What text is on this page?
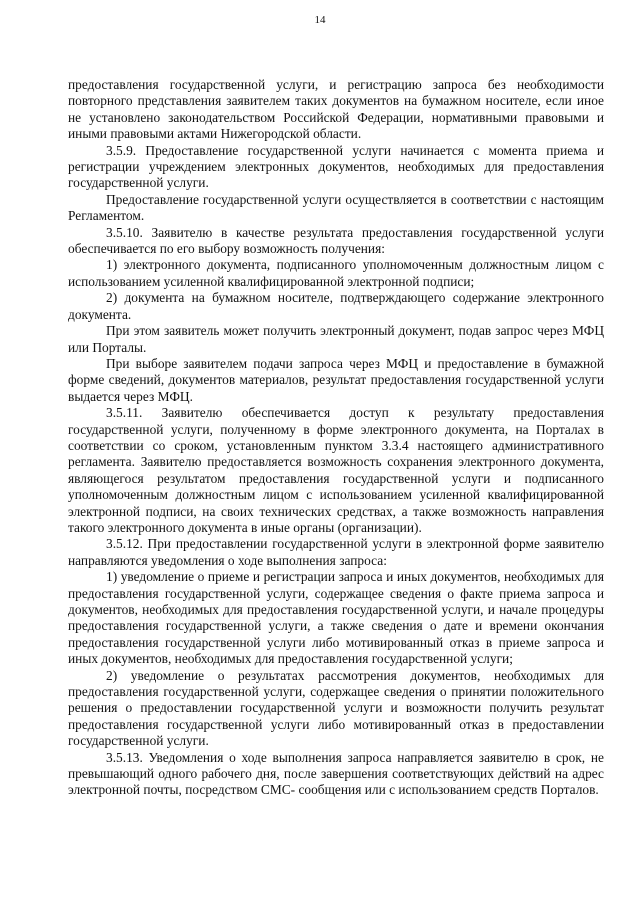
14

предоставления государственной услуги, и регистрацию запроса без необходимости повторного представления заявителем таких документов на бумажном носителе, если иное не установлено законодательством Российской Федерации, нормативными правовыми и иными правовыми актами Нижегородской области.

3.5.9. Предоставление государственной услуги начинается с момента приема и регистрации учреждением электронных документов, необходимых для предоставления государственной услуги.

Предоставление государственной услуги осуществляется в соответствии с настоящим Регламентом.

3.5.10. Заявителю в качестве результата предоставления государственной услуги обеспечивается по его выбору возможность получения:

1) электронного документа, подписанного уполномоченным должностным лицом с использованием усиленной квалифицированной электронной подписи;

2) документа на бумажном носителе, подтверждающего содержание электронного документа.

При этом заявитель может получить электронный документ, подав запрос через МФЦ или Порталы.

При выборе заявителем подачи запроса через МФЦ и предоставление в бумажной форме сведений, документов материалов, результат предоставления государственной услуги выдается через МФЦ.

3.5.11. Заявителю обеспечивается доступ к результату предоставления государственной услуги, полученному в форме электронного документа, на Порталах в соответствии со сроком, установленным пунктом 3.3.4 настоящего административного регламента. Заявителю предоставляется возможность сохранения электронного документа, являющегося результатом предоставления государственной услуги и подписанного уполномоченным должностным лицом с использованием усиленной квалифицированной электронной подписи, на своих технических средствах, а также возможность направления такого электронного документа в иные органы (организации).

3.5.12. При предоставлении государственной услуги в электронной форме заявителю направляются уведомления о ходе выполнения запроса:

1) уведомление о приеме и регистрации запроса и иных документов, необходимых для предоставления государственной услуги, содержащее сведения о факте приема запроса и документов, необходимых для предоставления государственной услуги, и начале процедуры предоставления государственной услуги, а также сведения о дате и времени окончания предоставления государственной услуги либо мотивированный отказ в приеме запроса и иных документов, необходимых для предоставления государственной услуги;

2) уведомление о результатах рассмотрения документов, необходимых для предоставления государственной услуги, содержащее сведения о принятии положительного решения о предоставлении государственной услуги и возможности получить результат предоставления государственной услуги либо мотивированный отказ в предоставлении государственной услуги.

3.5.13. Уведомления о ходе выполнения запроса направляется заявителю в срок, не превышающий одного рабочего дня, после завершения соответствующих действий на адрес электронной почты, посредством СМС- сообщения или с использованием средств Порталов.
